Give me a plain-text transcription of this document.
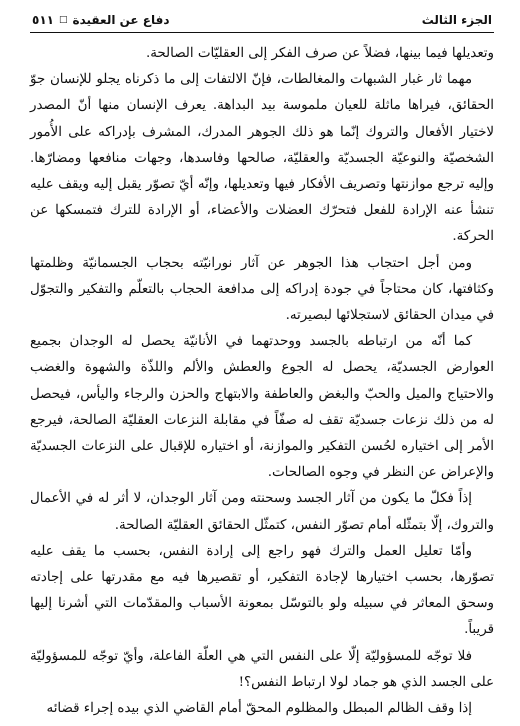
الجزء الثالث
دفاع عن العقيدة
□
٥١١

وتعديلها فيما بينها، فضلاً عن صرف الفكر إلى العقليّات الصالحة.

مهما ثار غبار الشبهات والمغالطات، فإنّ الالتفات إلى ما ذكرناه يجلو للإنسان جوّ الحقائق، فيراها ماثلة للعيان ملموسة بيد البداهة. يعرف الإنسان منها أنّ المصدر لاختيار الأفعال والتروك إنّما هو ذلك الجوهر المدرك، المشرف بإدراكه على الأُمور الشخصيّة والنوعيّة الجسديّة والعقليّة، صالحها وفاسدها، وجهات منافعها ومضارّها. وإليه ترجع موازنتها وتصريف الأفكار فيها وتعديلها، وإنّه أيّ تصوّر يقبل إليه ويقف عليه تنشأ عنه الإرادة للفعل فتحرّك العضلات والأعضاء، أو الإرادة للترك فتمسكها عن الحركة.

ومن أجل احتجاب هذا الجوهر عن آثار نورانيّته بحجاب الجسمانيّة وظلمتها وكثافتها، كان محتاجاً في جودة إدراكه إلى مدافعة الحجاب بالتعلّم والتفكير والتجوّل في ميدان الحقائق لاستجلائها لبصيرته.

كما أنّه من ارتباطه بالجسد ووحدتهما في الأنانيّة يحصل له الوجدان بجميع العوارض الجسديّة، يحصل له الجوع والعطش والألم واللذّة والشهوة والغضب والاحتياج والميل والحبّ والبغض والعاطفة والابتهاج والحزن والرجاء واليأس، فيحصل له من ذلك نزعات جسديّة تقف له صفّاً في مقابلة النزعات العقليّة الصالحة، فيرجع الأمر إلى اختياره لحُسن التفكير والموازنة، أو اختياره للإقبال على النزعات الجسديّة والإعراض عن النظر في وجوه الصالحات.

إذاً فكلّ ما يكون من آثار الجسد وسحنته ومن آثار الوجدان، لا أثر له في الأعمال والتروك، إلّا بتمثّله أمام تصوّر النفس، كتمثّل الحقائق العقليّة الصالحة.

وأمّا تعليل العمل والترك فهو راجع إلى إرادة النفس، بحسب ما يقف عليه تصوّرها، بحسب اختيارها لإجادة التفكير، أو تقصيرها فيه مع مقدرتها على إجادته وسحق المعاثر في سبيله ولو بالتوسّل بمعونة الأسباب والمقدّمات التي أشرنا إليها قريباً.

فلا توجّه للمسؤوليّة إلّا على النفس التي هي العلّة الفاعلة، وأيّ توجّه للمسؤوليّة على الجسد الذي هو جماد لولا ارتباط النفس؟!

إذا وقف الظالم المبطل والمظلوم المحقّ أمام القاضي الذي بيده إجراء قضائه
